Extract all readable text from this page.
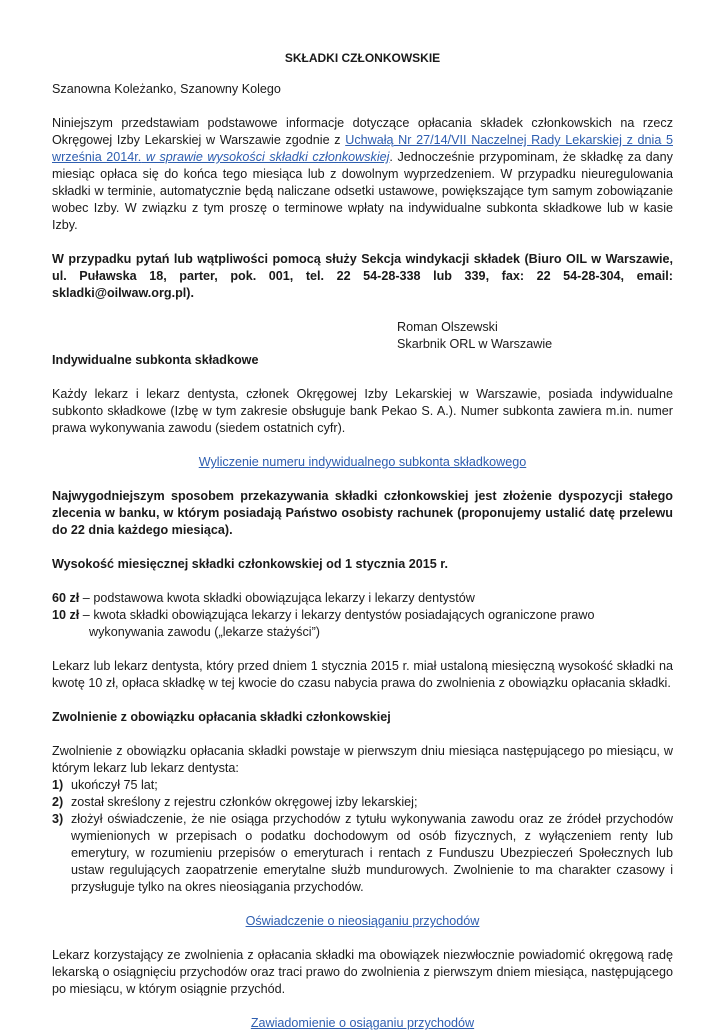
SKŁADKI CZŁONKOWSKIE

Szanowna Koleżanko, Szanowny Kolego

Niniejszym przedstawiam podstawowe informacje dotyczące opłacania składek członkowskich na rzecz Okręgowej Izby Lekarskiej w Warszawie zgodnie z Uchwałą Nr 27/14/VII Naczelnej Rady Lekarskiej z dnia 5 września 2014r. w sprawie wysokości składki członkowskiej. Jednocześnie przypominam, że składkę za dany miesiąc opłaca się do końca tego miesiąca lub z dowolnym wyprzedzeniem. W przypadku nieuregulowania składki w terminie, automatycznie będą naliczane odsetki ustawowe, powiększające tym samym zobowiązanie wobec Izby. W związku z tym proszę o terminowe wpłaty na indywidualne subkonta składkowe lub w kasie Izby.

W przypadku pytań lub wątpliwości pomocą służy Sekcja windykacji składek (Biuro OIL w Warszawie, ul. Puławska 18, parter, pok. 001, tel. 22 54-28-338 lub 339, fax: 22 54-28-304, email: skladki@oilwaw.org.pl).

Roman Olszewski

Skarbnik ORL w Warszawie

Indywidualne subkonta składkowe

Każdy lekarz i lekarz dentysta, członek Okręgowej Izby Lekarskiej w Warszawie, posiada indywidualne subkonto składkowe (Izbę w tym zakresie obsługuje bank Pekao S. A.). Numer subkonta zawiera m.in. numer prawa wykonywania zawodu (siedem ostatnich cyfr).

Wyliczenie numeru indywidualnego subkonta składkowego

Najwygodniejszym sposobem przekazywania składki członkowskiej jest złożenie dyspozycji stałego zlecenia w banku, w którym posiadają Państwo osobisty rachunek (proponujemy ustalić datę przelewu do 22 dnia każdego miesiąca).

Wysokość miesięcznej składki członkowskiej od 1 stycznia 2015 r.

60 zł – podstawowa kwota składki obowiązująca lekarzy i lekarzy dentystów

10 zł – kwota składki obowiązująca lekarzy i lekarzy dentystów posiadających ograniczone prawo

wykonywania zawodu („lekarze stażyści”)

Lekarz lub lekarz dentysta, który przed dniem 1 stycznia 2015 r. miał ustaloną miesięczną wysokość składki na kwotę 10 zł, opłaca składkę w tej kwocie do czasu nabycia prawa do zwolnienia z obowiązku opłacania składki.

Zwolnienie z obowiązku opłacania składki członkowskiej

Zwolnienie z obowiązku opłacania składki powstaje w pierwszym dniu miesiąca następującego po miesiącu, w którym lekarz lub lekarz dentysta:

1) ukończył 75 lat;
2) został skreślony z rejestru członków okręgowej izby lekarskiej;
3) złożył oświadczenie, że nie osiąga przychodów z tytułu wykonywania zawodu oraz ze źródeł przychodów wymienionych w przepisach o podatku dochodowym od osób fizycznych, z wyłączeniem renty lub emerytury, w rozumieniu przepisów o emeryturach i rentach z Funduszu Ubezpieczeń Społecznych lub ustaw regulujących zaopatrzenie emerytalne służb mundurowych. Zwolnienie to ma charakter czasowy i przysługuje tylko na okres nieosiągania przychodów.

Oświadczenie o nieosiąganiu przychodów

Lekarz korzystający ze zwolnienia z opłacania składki ma obowiązek niezwłocznie powiadomić okręgową radę lekarską o osiągnięciu przychodów oraz traci prawo do zwolnienia z pierwszym dniem miesiąca, następującego po miesiącu, w którym osiągnie przychód.

Zawiadomienie o osiąganiu przychodów
